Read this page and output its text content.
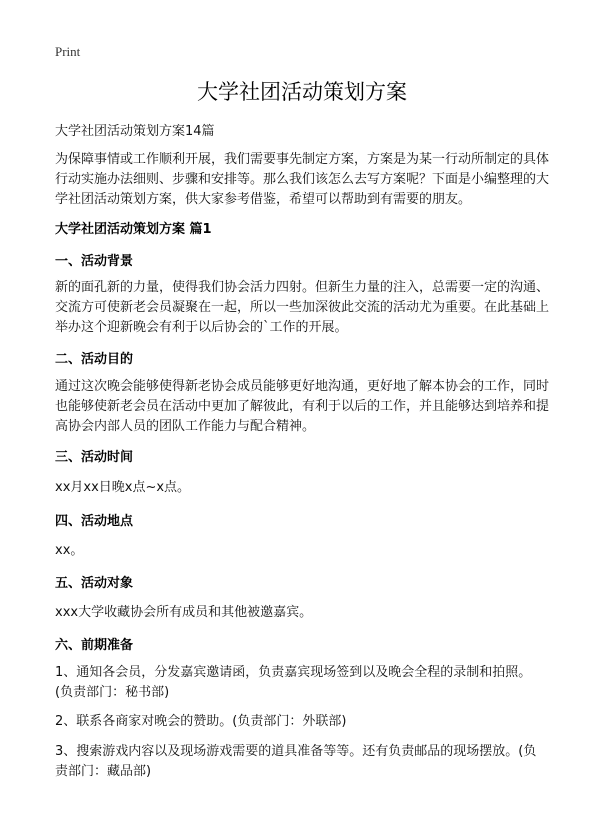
Print
大学社团活动策划方案
大学社团活动策划方案14篇
为保障事情或工作顺利开展，我们需要事先制定方案，方案是为某一行动所制定的具体行动实施办法细则、步骤和安排等。那么我们该怎么去写方案呢？下面是小编整理的大学社团活动策划方案，供大家参考借鉴，希望可以帮助到有需要的朋友。
大学社团活动策划方案 篇1
一、活动背景
新的面孔新的力量，使得我们协会活力四射。但新生力量的注入，总需要一定的沟通、交流方可使新老会员凝聚在一起，所以一些加深彼此交流的活动尤为重要。在此基础上举办这个迎新晚会有利于以后协会的`工作的开展。
二、活动目的
通过这次晚会能够使得新老协会成员能够更好地沟通，更好地了解本协会的工作，同时也能够使新老会员在活动中更加了解彼此，有利于以后的工作，并且能够达到培养和提高协会内部人员的团队工作能力与配合精神。
三、活动时间
xx月xx日晚x点~x点。
四、活动地点
xx。
五、活动对象
xxx大学收藏协会所有成员和其他被邀嘉宾。
六、前期准备
1、通知各会员，分发嘉宾邀请函，负责嘉宾现场签到以及晚会全程的录制和拍照。(负责部门：秘书部)
2、联系各商家对晚会的赞助。(负责部门：外联部)
3、搜索游戏内容以及现场游戏需要的道具准备等等。还有负责邮品的现场摆放。(负责部门：藏品部)
